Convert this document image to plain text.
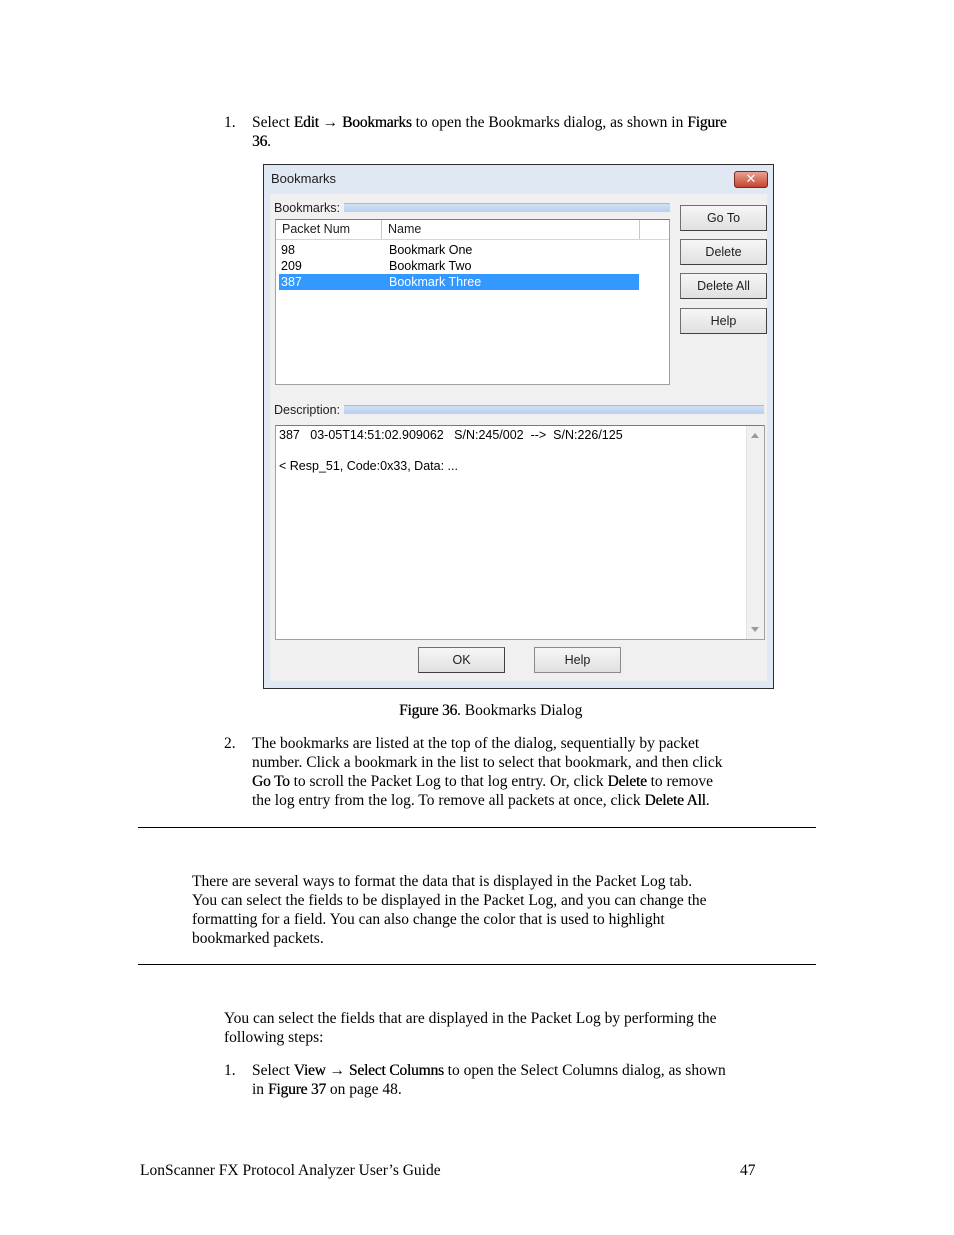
1. Select Edit → Bookmarks to open the Bookmarks dialog, as shown in Figure
36.
Bookmarks	✕
Bookmarks:
Packet Num	Name
98	Bookmark One
209	Bookmark Two
387	Bookmark Three
Go To
Delete
Delete All
Help
Description:
387   03-05T14:51:02.909062   S/N:245/002  -->  S/N:226/125
< Resp_51, Code:0x33, Data: ...
OK	Help
Figure 36. Bookmarks Dialog
2. The bookmarks are listed at the top of the dialog, sequentially by packet
number. Click a bookmark in the list to select that bookmark, and then click
Go To to scroll the Packet Log to that log entry. Or, click Delete to remove
the log entry from the log. To remove all packets at once, click Delete All.
There are several ways to format the data that is displayed in the Packet Log tab.
You can select the fields to be displayed in the Packet Log, and you can change the
formatting for a field. You can also change the color that is used to highlight
bookmarked packets.
You can select the fields that are displayed in the Packet Log by performing the
following steps:
1. Select View → Select Columns to open the Select Columns dialog, as shown
in Figure 37 on page 48.
LonScanner FX Protocol Analyzer User’s Guide	47
